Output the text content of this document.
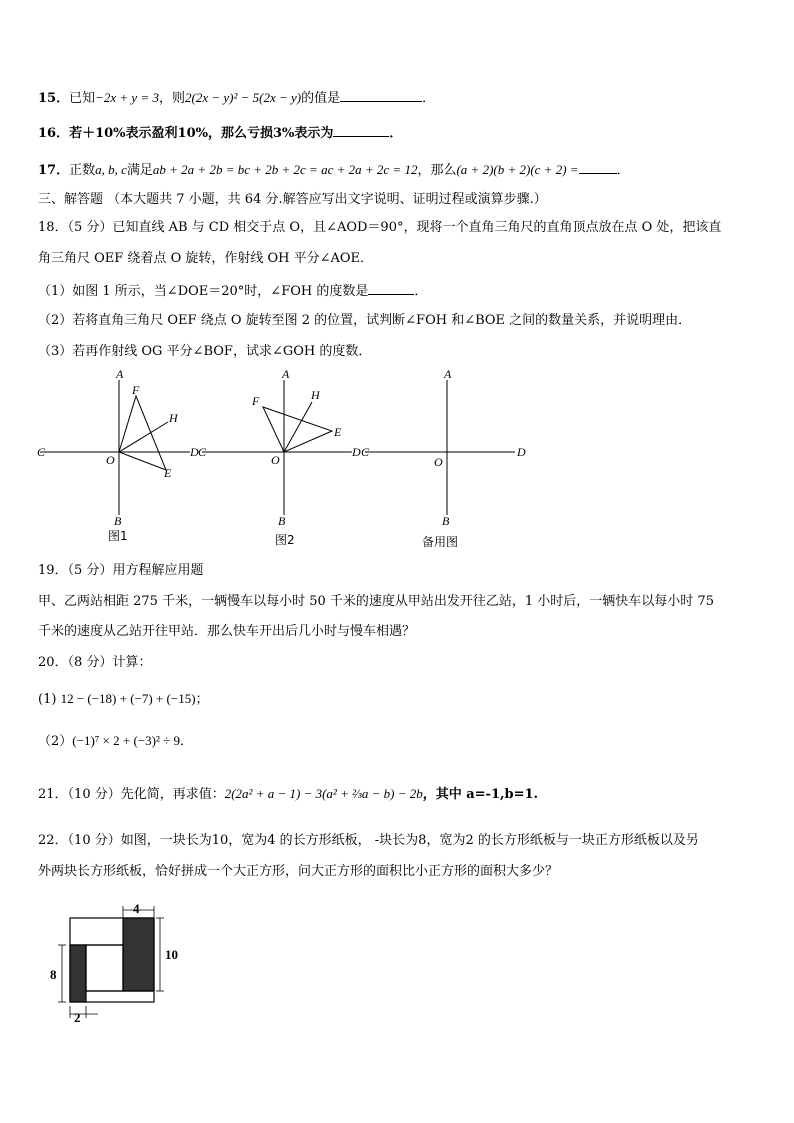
15．已知−2x + y = 3，则2(2x − y)² − 5(2x − y)的值是	．
16．若＋10%表示盈利10%，那么亏损3%表示为	．
17．正数a, b, c满足ab + 2a + 2b = bc + 2b + 2c = ac + 2a + 2c = 12，那么(a + 2)(b + 2)(c + 2) =	．
三、解答题 （本大题共 7 小题，共 64 分.解答应写出文字说明、证明过程或演算步骤.）
18．（5 分）已知直线 AB 与 CD 相交于点 O，且∠AOD＝90°，现将一个直角三角尺的直角顶点放在点 O 处，把该直
角三角尺 OEF 绕着点 O 旋转，作射线 OH 平分∠AOE．
（1）如图 1 所示，当∠DOE＝20°时，∠FOH 的度数是	．
（2）若将直角三角尺 OEF 绕点 O 旋转至图 2 的位置，试判断∠FOH 和∠BOE 之间的数量关系，并说明理由．
（3）若再作射线 OG 平分∠BOF，试求∠GOH 的度数．
A
C	D
O
F
H
E
B
A
C	D
O
F	H
E
B
A
C	D
O
B
图1	图2	备用图
19．（5 分）用方程解应用题
甲、乙两站相距 275 千米，一辆慢车以每小时 50 千米的速度从甲站出发开往乙站，1 小时后，一辆快车以每小时 75
千米的速度从乙站开往甲站．那么快车开出后几小时与慢车相遇？
20．（8 分）计算：
(1) 12 − (−18) + (−7) + (−15)；
（2）(−1)⁷ × 2 + (−3)² ÷ 9．
21．（10 分）先化简，再求值：2(2a² + a − 1) − 3(a² + ⅔a − b) − 2b，其中 a=-1,b=1.
22．（10 分）如图，一块长为10，宽为4 的长方形纸板， -块长为8，宽为2 的长方形纸板与一块正方形纸板以及另
外两块长方形纸板，恰好拼成一个大正方形，问大正方形的面积比小正方形的面积大多少？
4
10
8
2
